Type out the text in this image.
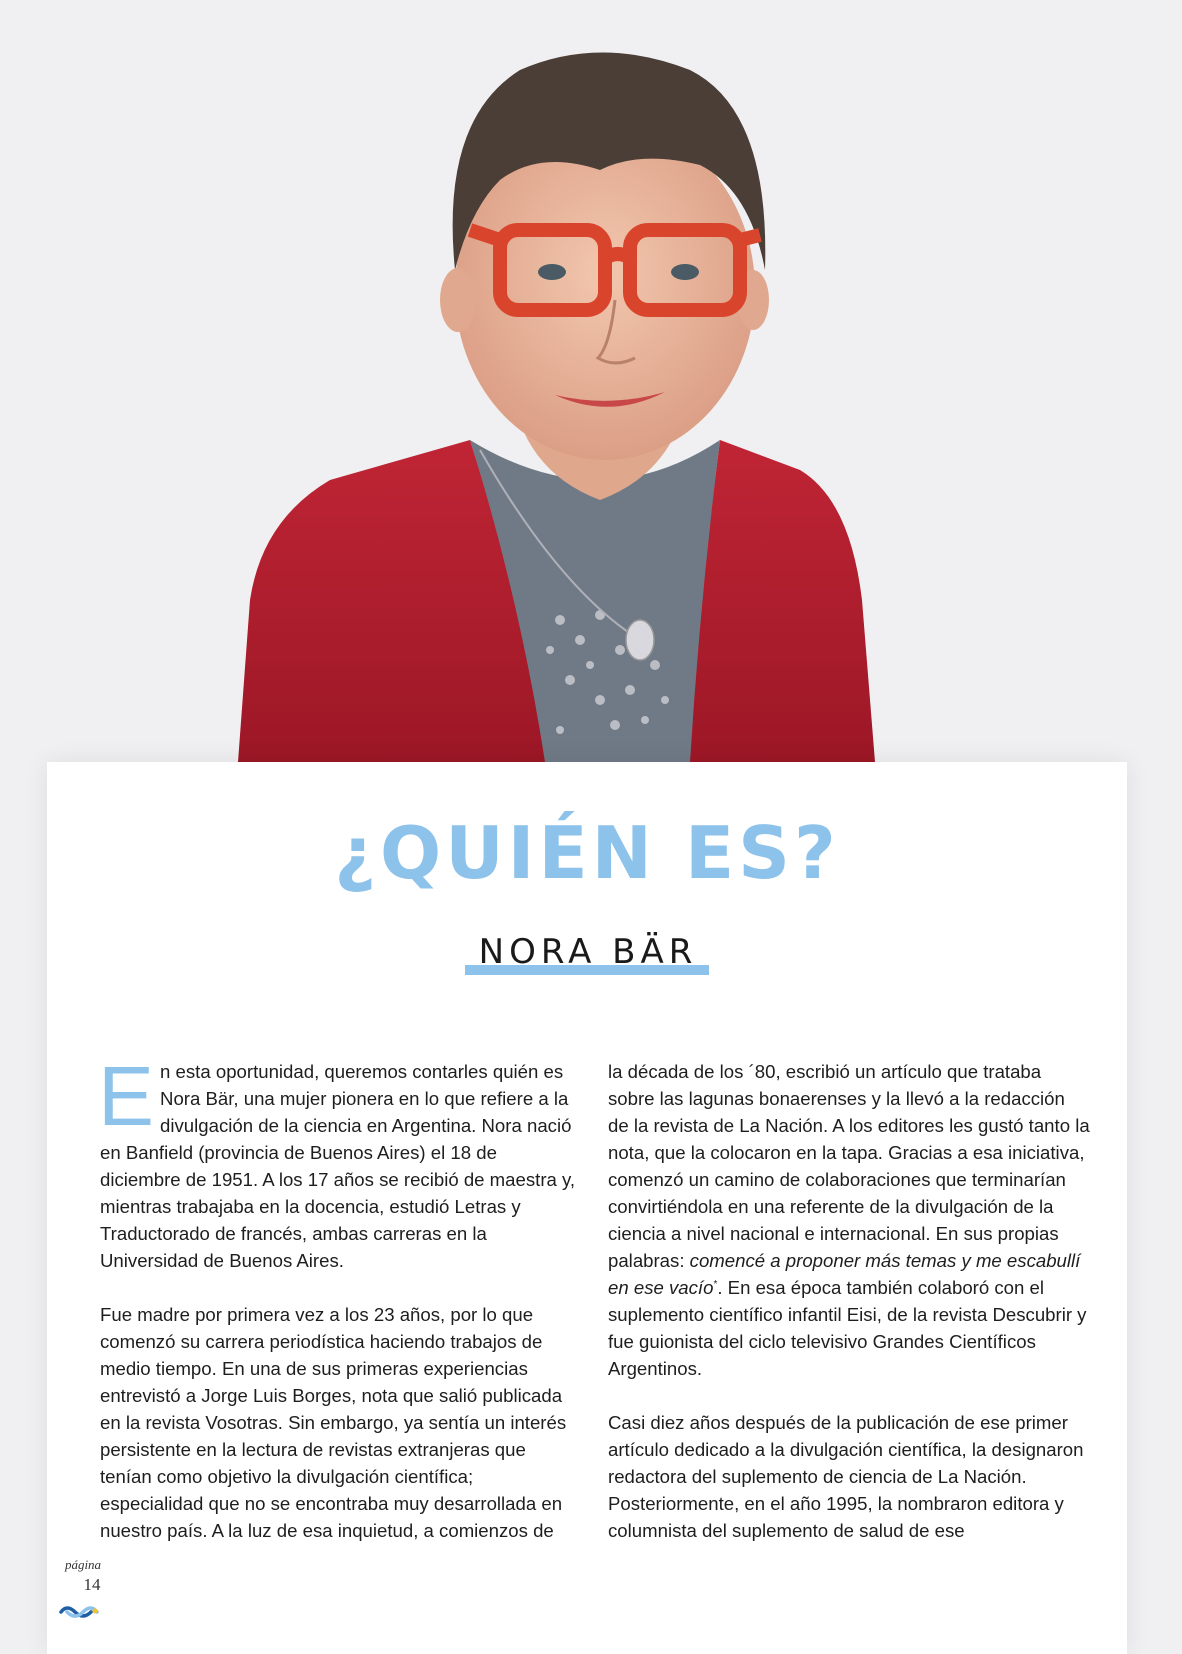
¿QUIÉN ES?
NORA BÄR

En esta oportunidad, queremos contarles quién es Nora Bär, una mujer pionera en lo que refiere a la divulgación de la ciencia en Argentina. Nora nació en Banfield (provincia de Buenos Aires) el 18 de diciembre de 1951. A los 17 años se recibió de maestra y, mientras trabajaba en la docencia, estudió Letras y Traductorado de francés, ambas carreras en la Universidad de Buenos Aires.

Fue madre por primera vez a los 23 años, por lo que comenzó su carrera periodística haciendo trabajos de medio tiempo. En una de sus primeras experiencias entrevistó a Jorge Luis Borges, nota que salió publicada en la revista Vosotras. Sin embargo, ya sentía un interés persistente en la lectura de revistas extranjeras que tenían como objetivo la divulgación científica; especialidad que no se encontraba muy desarrollada en nuestro país. A la luz de esa inquietud, a comienzos de

la década de los ´80, escribió un artículo que trataba sobre las lagunas bonaerenses y la llevó a la redacción de la revista de La Nación. A los editores les gustó tanto la nota, que la colocaron en la tapa. Gracias a esa iniciativa, comenzó un camino de colaboraciones que terminarían convirtiéndola en una referente de la divulgación de la ciencia a nivel nacional e internacional. En sus propias palabras: comencé a proponer más temas y me escabullí en ese vacío*. En esa época también colaboró con el suplemento científico infantil Eisi, de la revista Descubrir y fue guionista del ciclo televisivo Grandes Científicos Argentinos.

Casi diez años después de la publicación de ese primer artículo dedicado a la divulgación científica, la designaron redactora del suplemento de ciencia de La Nación. Posteriormente, en el año 1995, la nombraron editora y columnista del suplemento de salud de ese

página
14
